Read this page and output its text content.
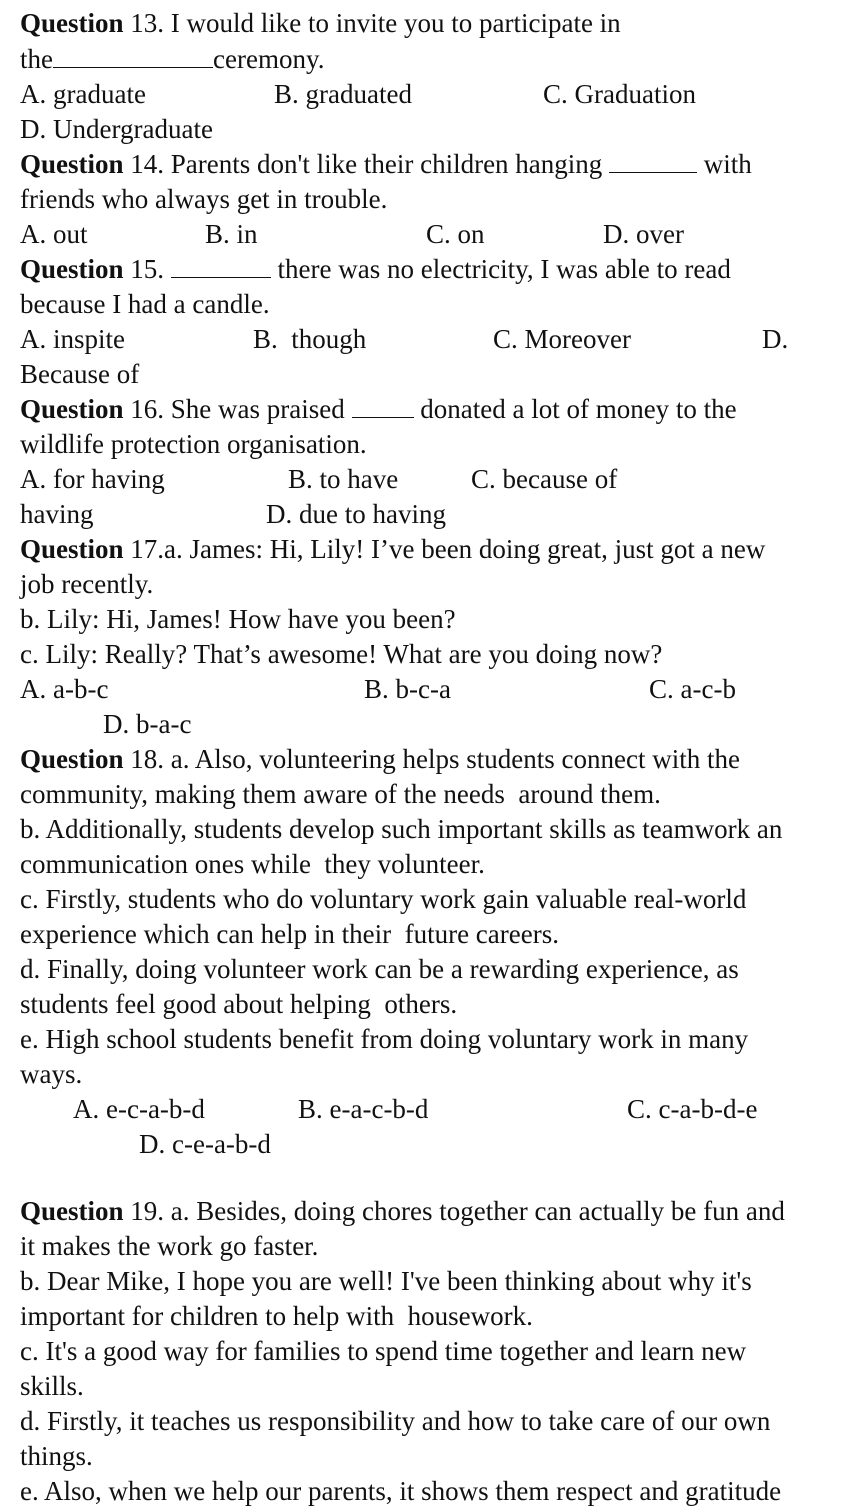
Question 13. I would like to invite you to participate in
the	ceremony.
A. graduate	B. graduated	C. Graduation
D. Undergraduate
Question 14. Parents don't like their children hanging	with
friends who always get in trouble.
A. out	B. in	C. on	D. over
Question 15.	there was no electricity, I was able to read
because I had a candle.
A. inspite	B.  though	C. Moreover	D.
Because of
Question 16. She was praised  donated a lot of money to the
wildlife protection organisation.
A. for having	B. to have	C. because of
having	D. due to having
Question 17.a. James: Hi, Lily! I’ve been doing great, just got a new
job recently.
b. Lily: Hi, James! How have you been?
c. Lily: Really? That’s awesome! What are you doing now?
A. a-b-c	B. b-c-a	C. a-c-b
D. b-a-c
Question 18. a. Also, volunteering helps students connect with the
community, making them aware of the needs  around them.
b. Additionally, students develop such important skills as teamwork an
communication ones while  they volunteer.
c. Firstly, students who do voluntary work gain valuable real-world
experience which can help in their  future careers.
d. Finally, doing volunteer work can be a rewarding experience, as
students feel good about helping  others.
e. High school students benefit from doing voluntary work in many
ways.
A. e-c-a-b-d	B. e-a-c-b-d	C. c-a-b-d-e
D. c-e-a-b-d
Question 19. a. Besides, doing chores together can actually be fun and
it makes the work go faster.
b. Dear Mike, I hope you are well! I've been thinking about why it's
important for children to help with  housework.
c. It's a good way for families to spend time together and learn new
skills.
d. Firstly, it teaches us responsibility and how to take care of our own
things.
e. Also, when we help our parents, it shows them respect and gratitude
